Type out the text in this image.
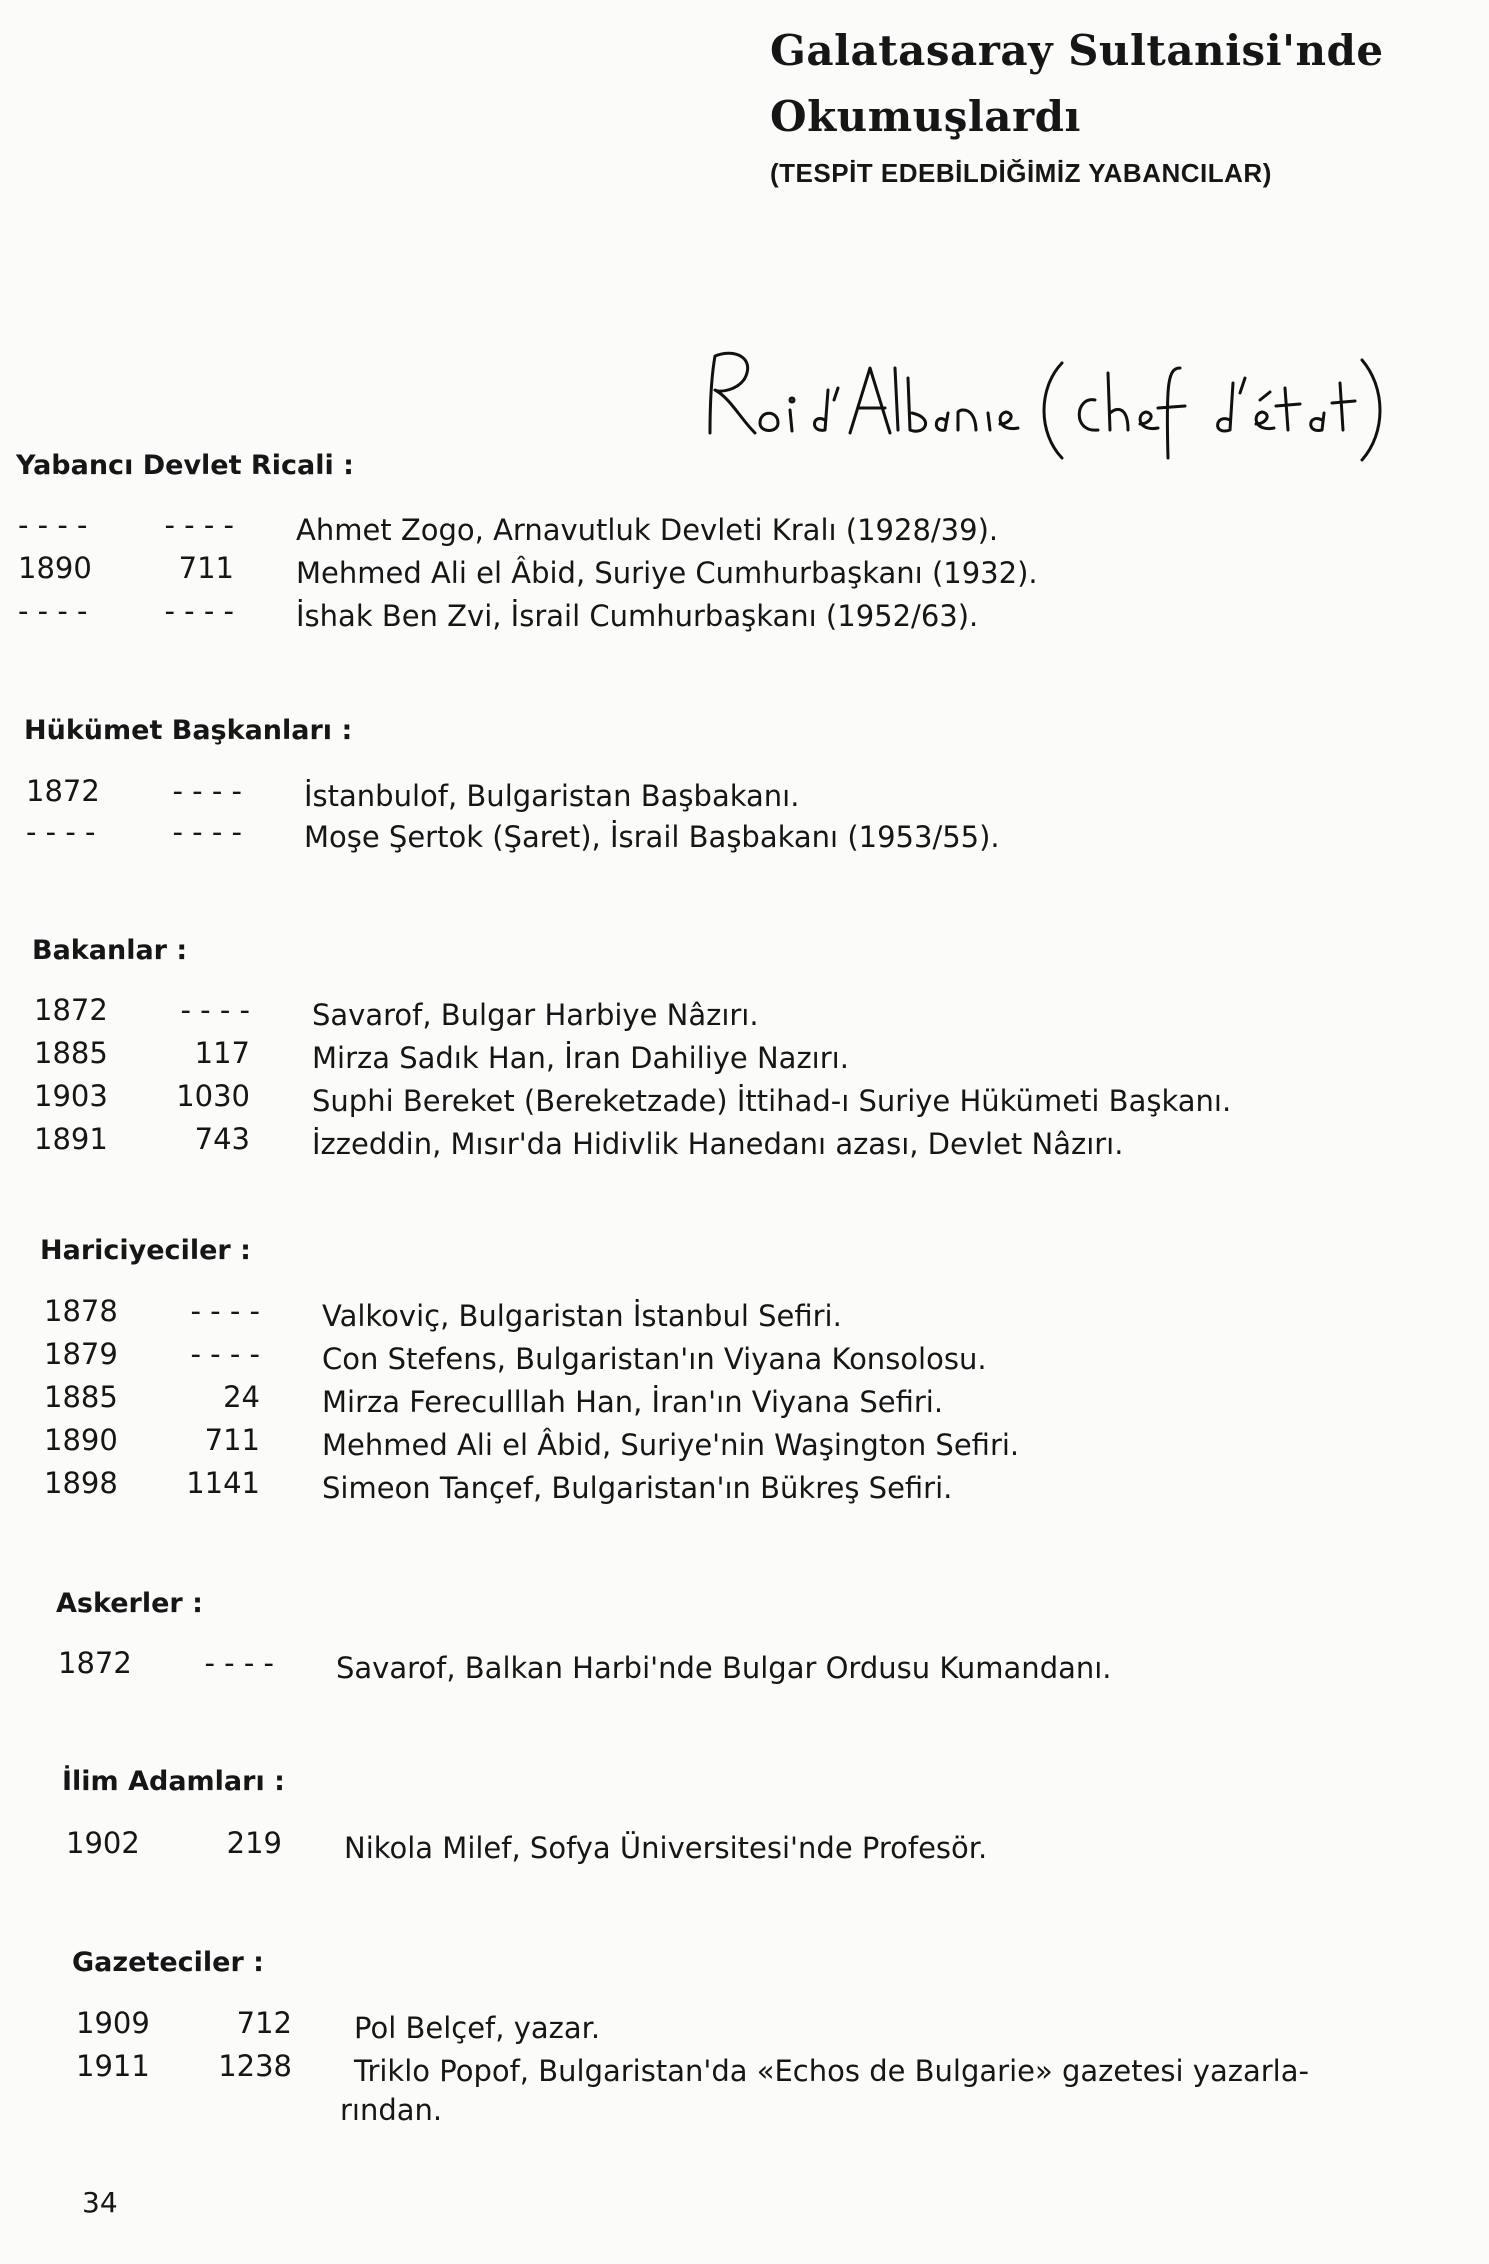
Galatasaray Sultanisi'nde
Okumuşlardı
(TESPİT EDEBİLDİĞİMİZ YABANCILAR)
Yabancı Devlet Ricali :
- - - -	- - - -	Ahmet Zogo, Arnavutluk Devleti Kralı (1928/39).
1890	711	Mehmed Ali el Âbid, Suriye Cumhurbaşkanı (1932).
- - - -	- - - -	İshak Ben Zvi, İsrail Cumhurbaşkanı (1952/63).
Hükümet Başkanları :
1872	- - - -	İstanbulof, Bulgaristan Başbakanı.
- - - -	- - - -	Moşe Şertok (Şaret), İsrail Başbakanı (1953/55).
Bakanlar :
1872	- - - -	Savarof, Bulgar Harbiye Nâzırı.
1885	117	Mirza Sadık Han, İran Dahiliye Nazırı.
1903	1030	Suphi Bereket (Bereketzade) İttihad-ı Suriye Hükümeti Başkanı.
1891	743	İzzeddin, Mısır'da Hidivlik Hanedanı azası, Devlet Nâzırı.
Hariciyeciler :
1878	- - - -	Valkoviç, Bulgaristan İstanbul Sefiri.
1879	- - - -	Con Stefens, Bulgaristan'ın Viyana Konsolosu.
1885	24	Mirza Fereculllah Han, İran'ın Viyana Sefiri.
1890	711	Mehmed Ali el Âbid, Suriye'nin Waşington Sefiri.
1898	1141	Simeon Tançef, Bulgaristan'ın Bükreş Sefiri.
Askerler :
1872	- - - -	Savarof, Balkan Harbi'nde Bulgar Ordusu Kumandanı.
İlim Adamları :
1902	219	Nikola Milef, Sofya Üniversitesi'nde Profesör.
Gazeteciler :
1909	712	Pol Belçef, yazar.
1911	1238	Triklo Popof, Bulgaristan'da «Echos de Bulgarie» gazetesi yazarla-
rından.
34
